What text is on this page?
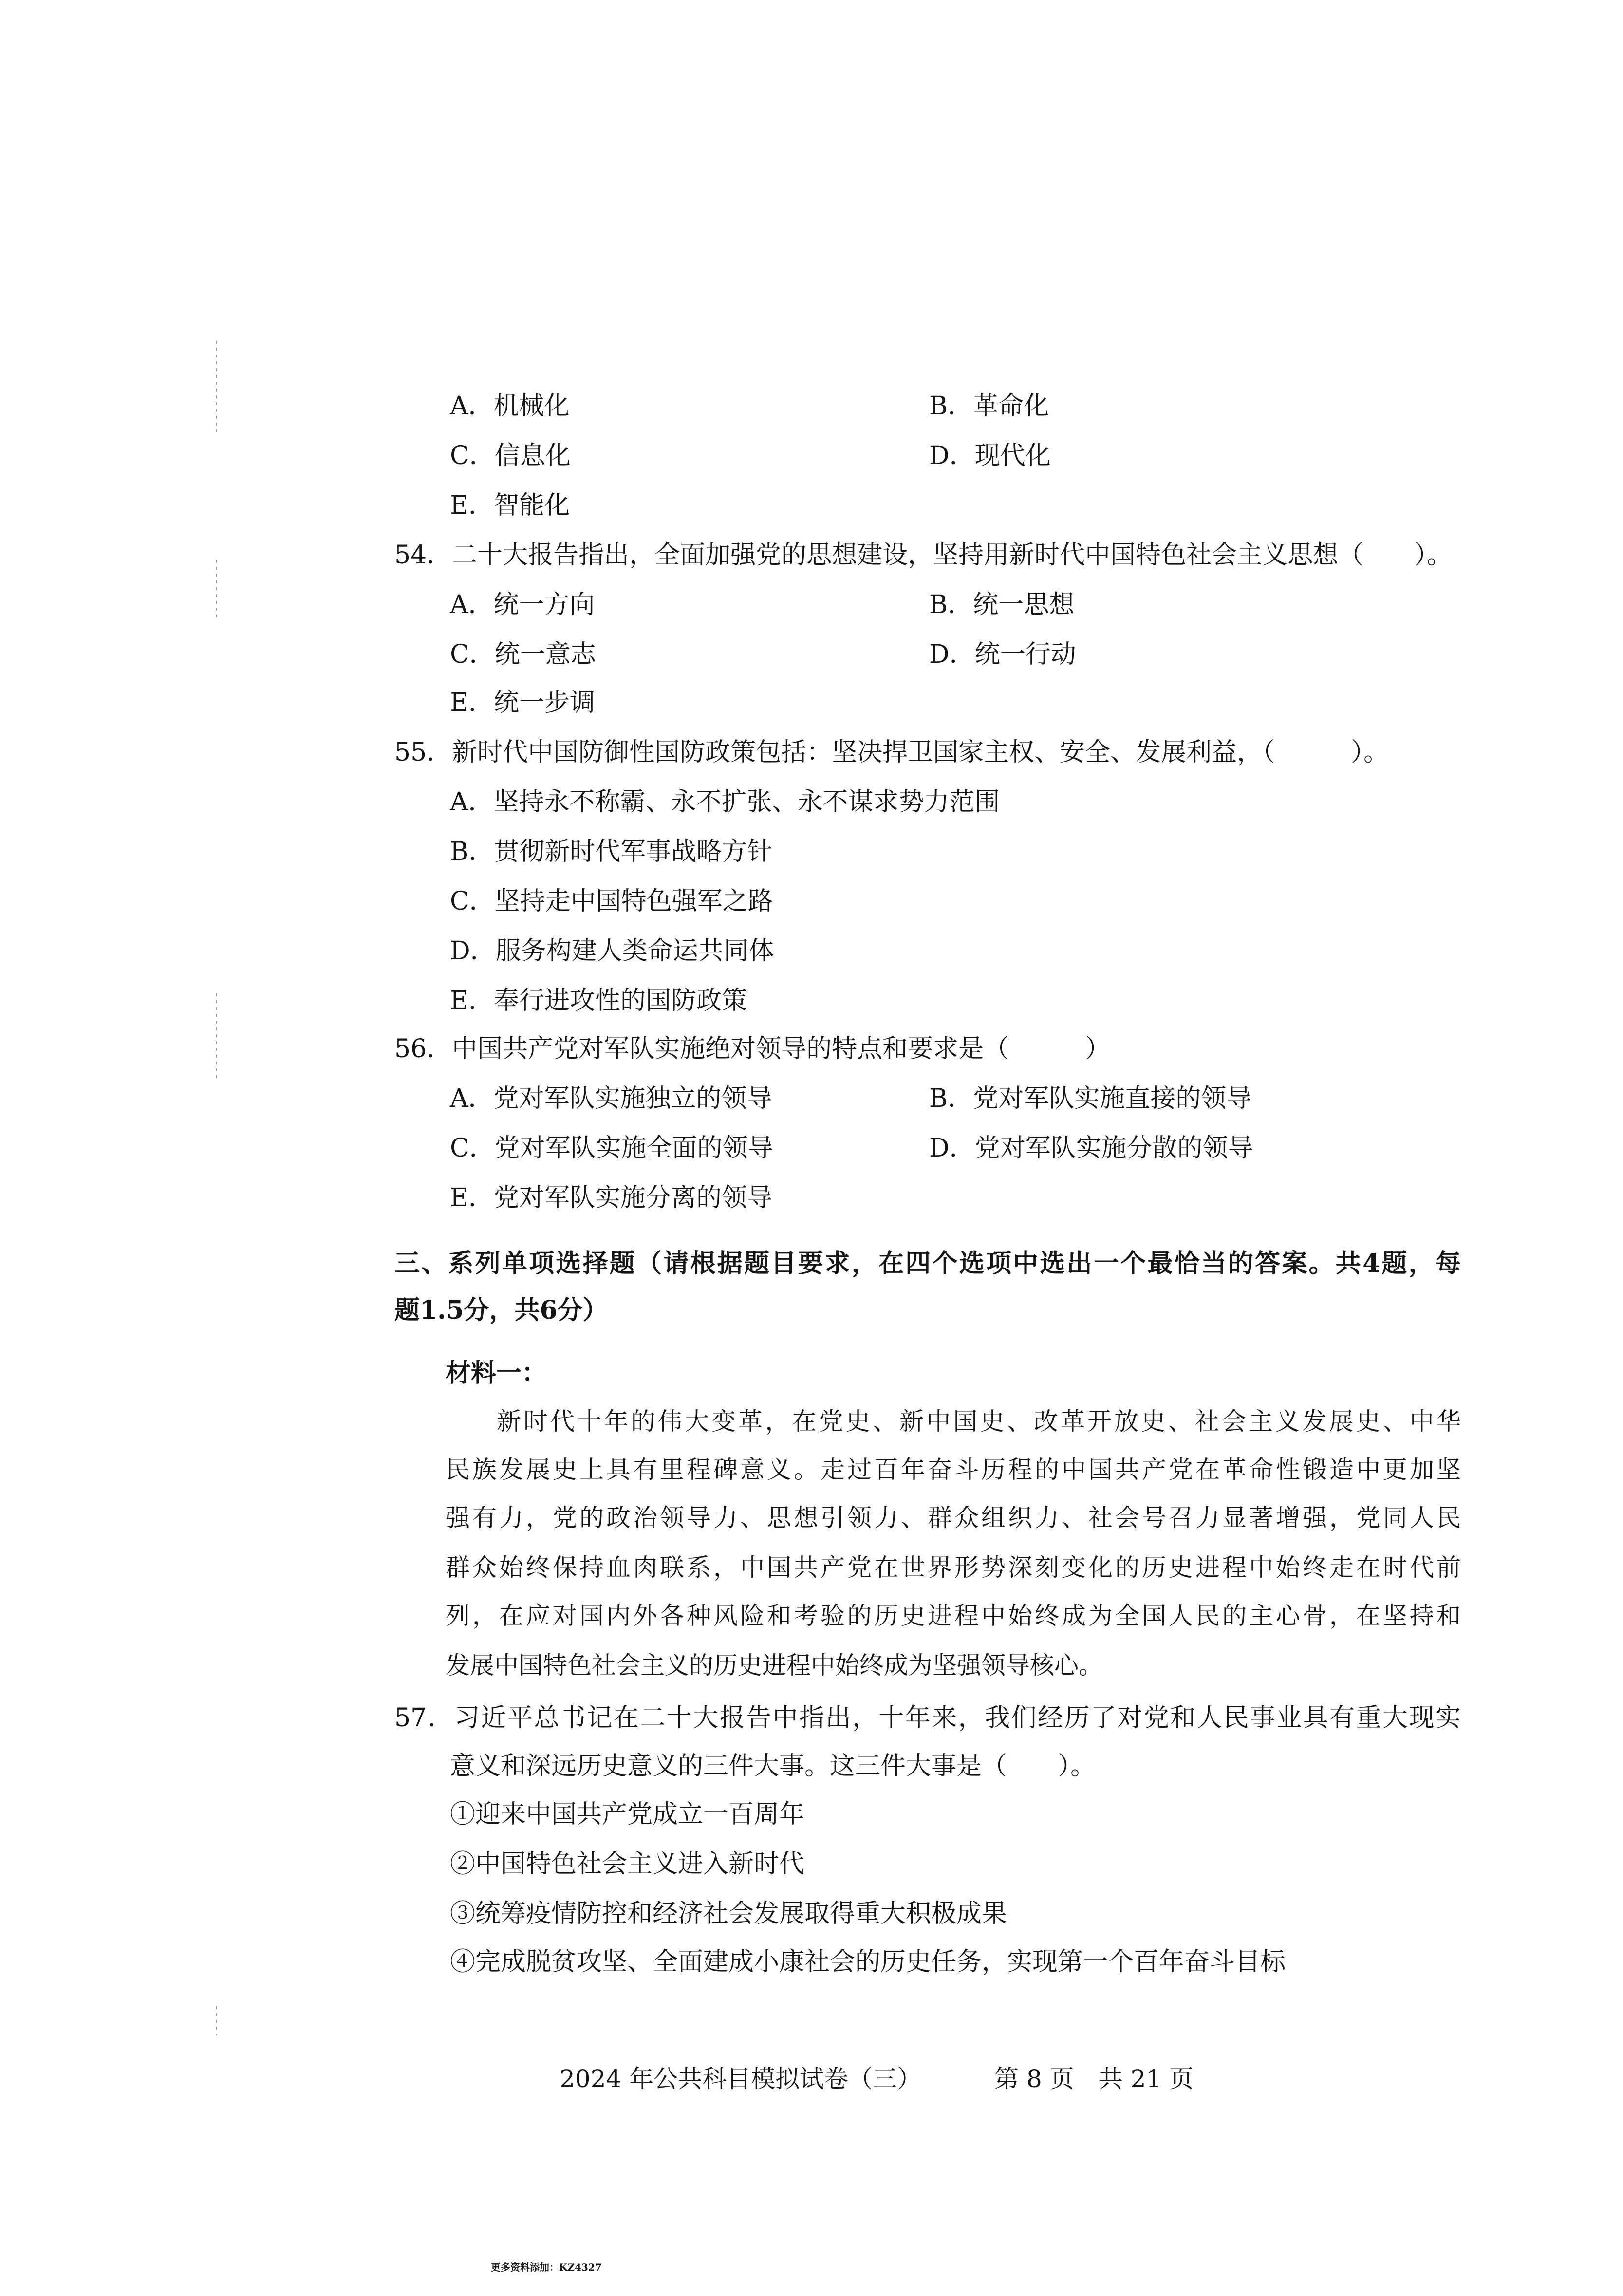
A．机械化	B．革命化
C．信息化	D．现代化
E．智能化
54．二十大报告指出，全面加强党的思想建设，坚持用新时代中国特色社会主义思想（　　）。
A．统一方向	B．统一思想
C．统一意志	D．统一行动
E．统一步调
55．新时代中国防御性国防政策包括：坚决捍卫国家主权、安全、发展利益，（　　　）。
A．坚持永不称霸、永不扩张、永不谋求势力范围
B．贯彻新时代军事战略方针
C．坚持走中国特色强军之路
D．服务构建人类命运共同体
E．奉行进攻性的国防政策
56．中国共产党对军队实施绝对领导的特点和要求是（　　　）
A．党对军队实施独立的领导	B．党对军队实施直接的领导
C．党对军队实施全面的领导	D．党对军队实施分散的领导
E．党对军队实施分离的领导
三、系列单项选择题（请根据题目要求，在四个选项中选出一个最恰当的答案。共4题，每
题1.5分，共6分）
材料一：
新时代十年的伟大变革，在党史、新中国史、改革开放史、社会主义发展史、中华
民族发展史上具有里程碑意义。走过百年奋斗历程的中国共产党在革命性锻造中更加坚
强有力，党的政治领导力、思想引领力、群众组织力、社会号召力显著增强，党同人民
群众始终保持血肉联系，中国共产党在世界形势深刻变化的历史进程中始终走在时代前
列，在应对国内外各种风险和考验的历史进程中始终成为全国人民的主心骨，在坚持和
发展中国特色社会主义的历史进程中始终成为坚强领导核心。
57．习近平总书记在二十大报告中指出，十年来，我们经历了对党和人民事业具有重大现实
意义和深远历史意义的三件大事。这三件大事是（　　）。
①迎来中国共产党成立一百周年
②中国特色社会主义进入新时代
③统筹疫情防控和经济社会发展取得重大积极成果
④完成脱贫攻坚、全面建成小康社会的历史任务，实现第一个百年奋斗目标
2024 年公共科目模拟试卷（三）	第 8 页　共 21 页
更多资料添加：KZ4327
